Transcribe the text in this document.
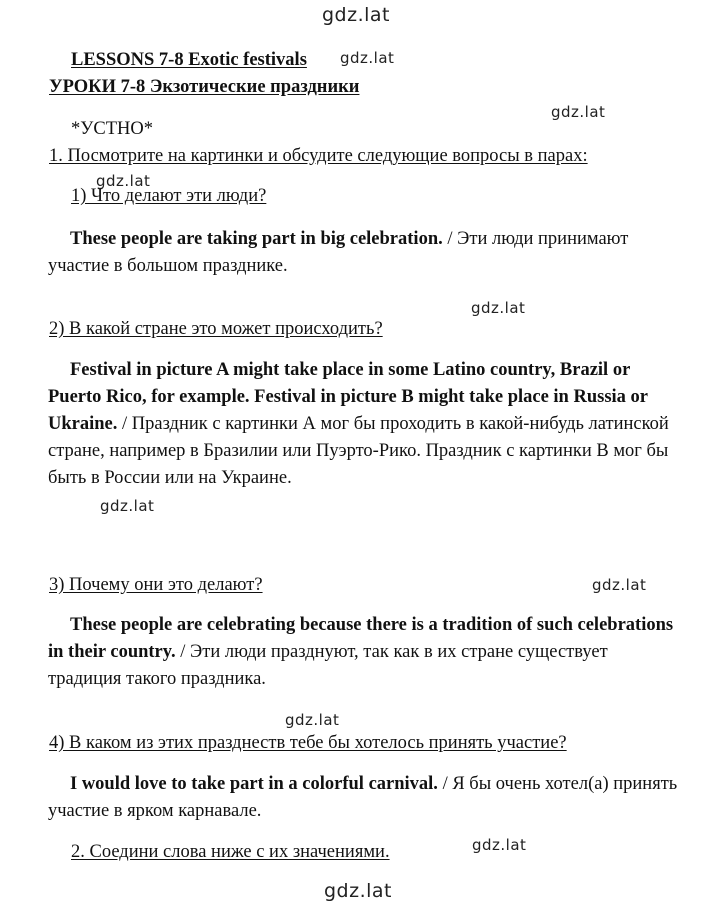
gdz.lat
gdz.lat
gdz.lat
gdz.lat
gdz.lat
gdz.lat
gdz.lat
gdz.lat
gdz.lat
gdz.lat
LESSONS 7-8 Exotic festivals
УРОКИ 7-8 Экзотические праздники
*УСТНО*
1. Посмотрите на картинки и обсудите следующие вопросы в парах:
1) Что делают эти люди?

These people are taking part in big celebration. / Эти люди принимают участие в большом празднике.

2) В какой стране это может происходить?

Festival in picture A might take place in some Latino country, Brazil or Puerto Rico, for example. Festival in picture B might take place in Russia or Ukraine. / Праздник с картинки А мог бы проходить в какой-нибудь латинской стране, например в Бразилии или Пуэрто-Рико. Праздник с картинки В мог бы быть в России или на Украине.

3) Почему они это делают?

These people are celebrating because there is a tradition of such celebrations in their country. / Эти люди празднуют, так как в их стране существует традиция такого праздника.

4) В каком из этих празднеств тебе бы хотелось принять участие?

I would love to take part in a colorful carnival. / Я бы очень хотел(а) принять участие в ярком карнавале.

2. Соедини слова ниже с их значениями.
